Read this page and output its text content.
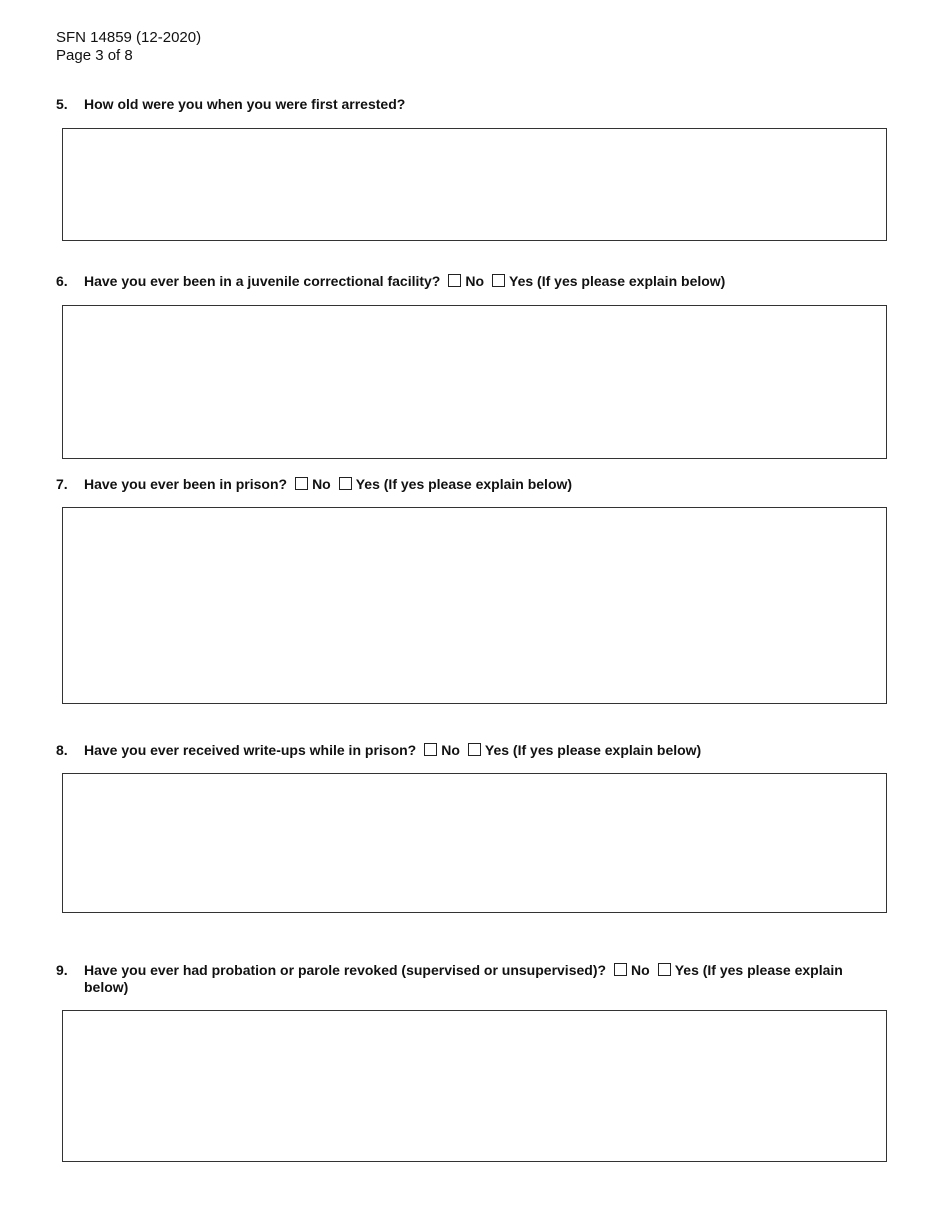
SFN 14859 (12-2020)
Page 3 of 8
5. How old were you when you were first arrested?
6. Have you ever been in a juvenile correctional facility? No Yes (If yes please explain below)
7. Have you ever been in prison? No Yes (If yes please explain below)
8. Have you ever received write-ups while in prison? No Yes (If yes please explain below)
9. Have you ever had probation or parole revoked (supervised or unsupervised)? No Yes (If yes please explain below)
